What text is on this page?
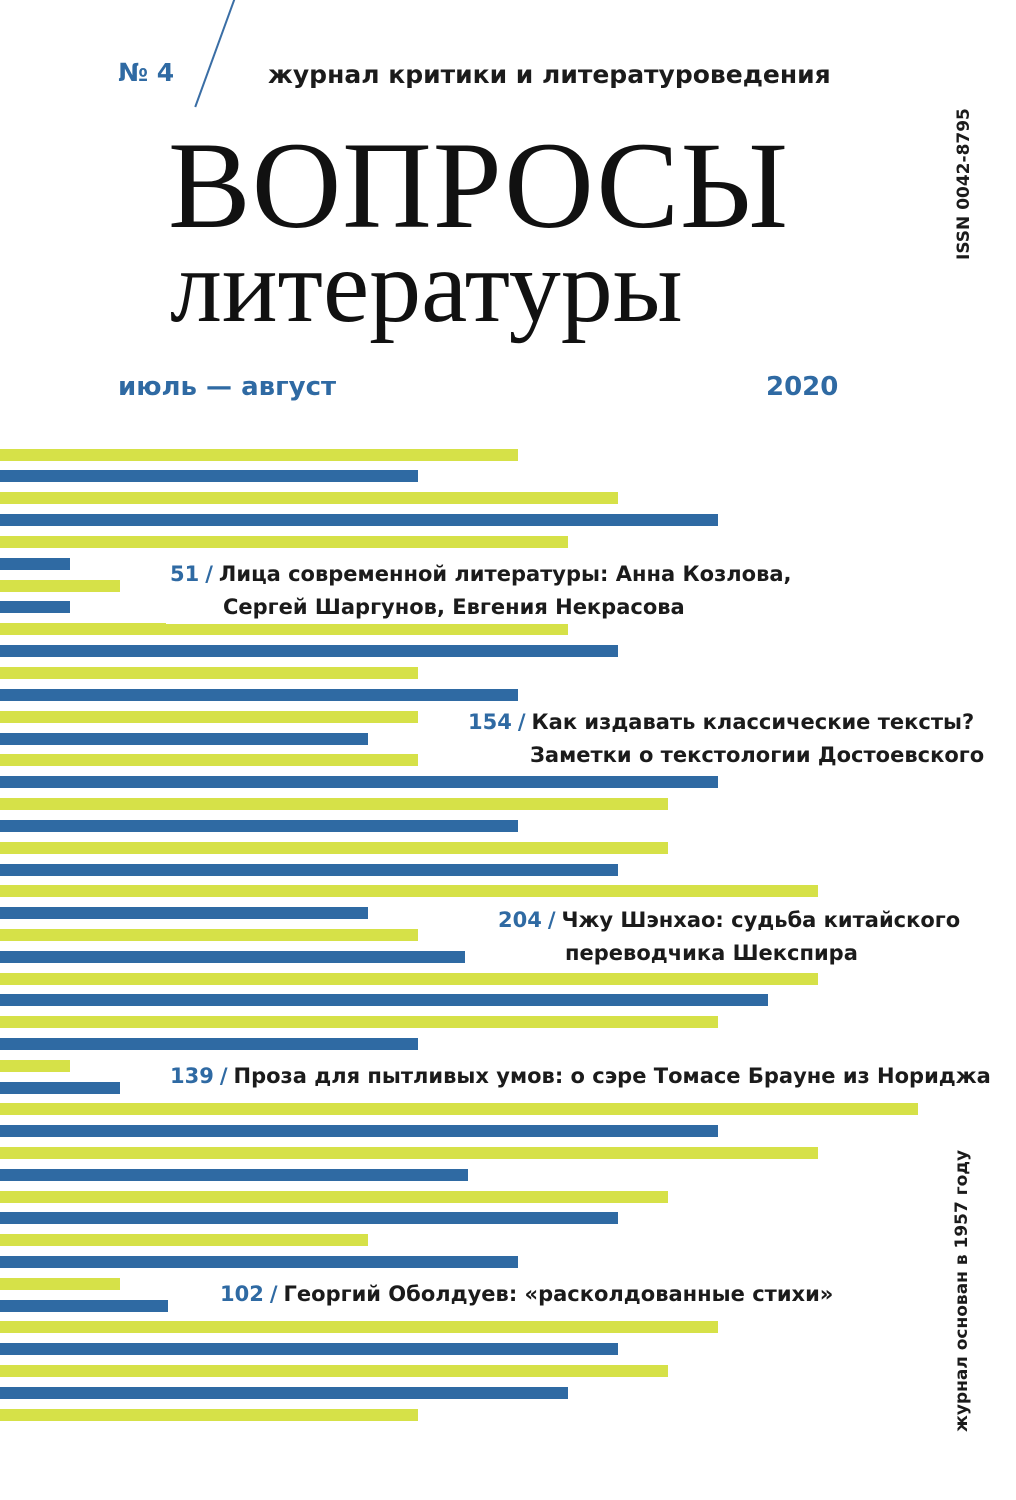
№ 4	журнал критики и литературоведения
ВОПРОСЫ
литературы
июль — август	2020
ISSN 0042-8795
журнал основан в 1957 году
51 / Лица современной литературы: Анна Козлова,
Сергей Шаргунов, Евгения Некрасова
154 / Как издавать классические тексты?
Заметки о текстологии Достоевского
204 / Чжу Шэнхао: судьба китайского
переводчика Шекспира
139 / Проза для пытливых умов: о сэре Томасе Брауне из Нориджа
102 / Георгий Оболдуев: «расколдованные стихи»
